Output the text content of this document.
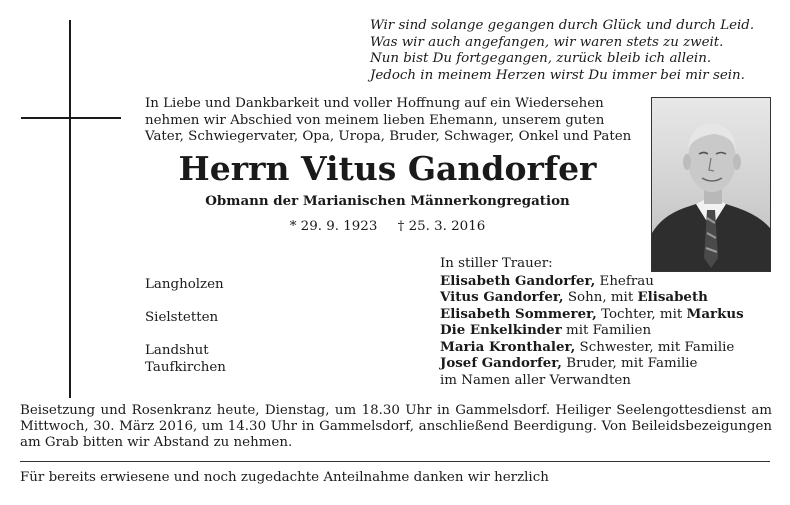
Wir sind solange gegangen durch Glück und durch Leid.
Was wir auch angefangen, wir waren stets zu zweit.
Nun bist Du fortgegangen, zurück bleib ich allein.
Jedoch in meinem Herzen wirst Du immer bei mir sein.
In Liebe und Dankbarkeit und voller Hoffnung auf ein Wiedersehen
nehmen wir Abschied von meinem lieben Ehemann, unserem guten
Vater, Schwiegervater, Opa, Uropa, Bruder, Schwager, Onkel und Paten
Herrn Vitus Gandorfer
Obmann der Marianischen Männerkongregation
* 29. 9. 1923 † 25. 3. 2016
Langholzen
Sielstetten
Landshut
Taufkirchen
In stiller Trauer:
Elisabeth Gandorfer, Ehefrau
Vitus Gandorfer, Sohn, mit Elisabeth
Elisabeth Sommerer, Tochter, mit Markus
Die Enkelkinder mit Familien
Maria Kronthaler, Schwester, mit Familie
Josef Gandorfer, Bruder, mit Familie
im Namen aller Verwandten
Beisetzung und Rosenkranz heute, Dienstag, um 18.30 Uhr in Gammelsdorf. Heiliger Seelengottesdienst am Mittwoch, 30. März 2016, um 14.30 Uhr in Gammelsdorf, anschließend Beerdigung. Von Beileidsbezeigungen am Grab bitten wir Abstand zu nehmen.
Für bereits erwiesene und noch zugedachte Anteilnahme danken wir herzlich
